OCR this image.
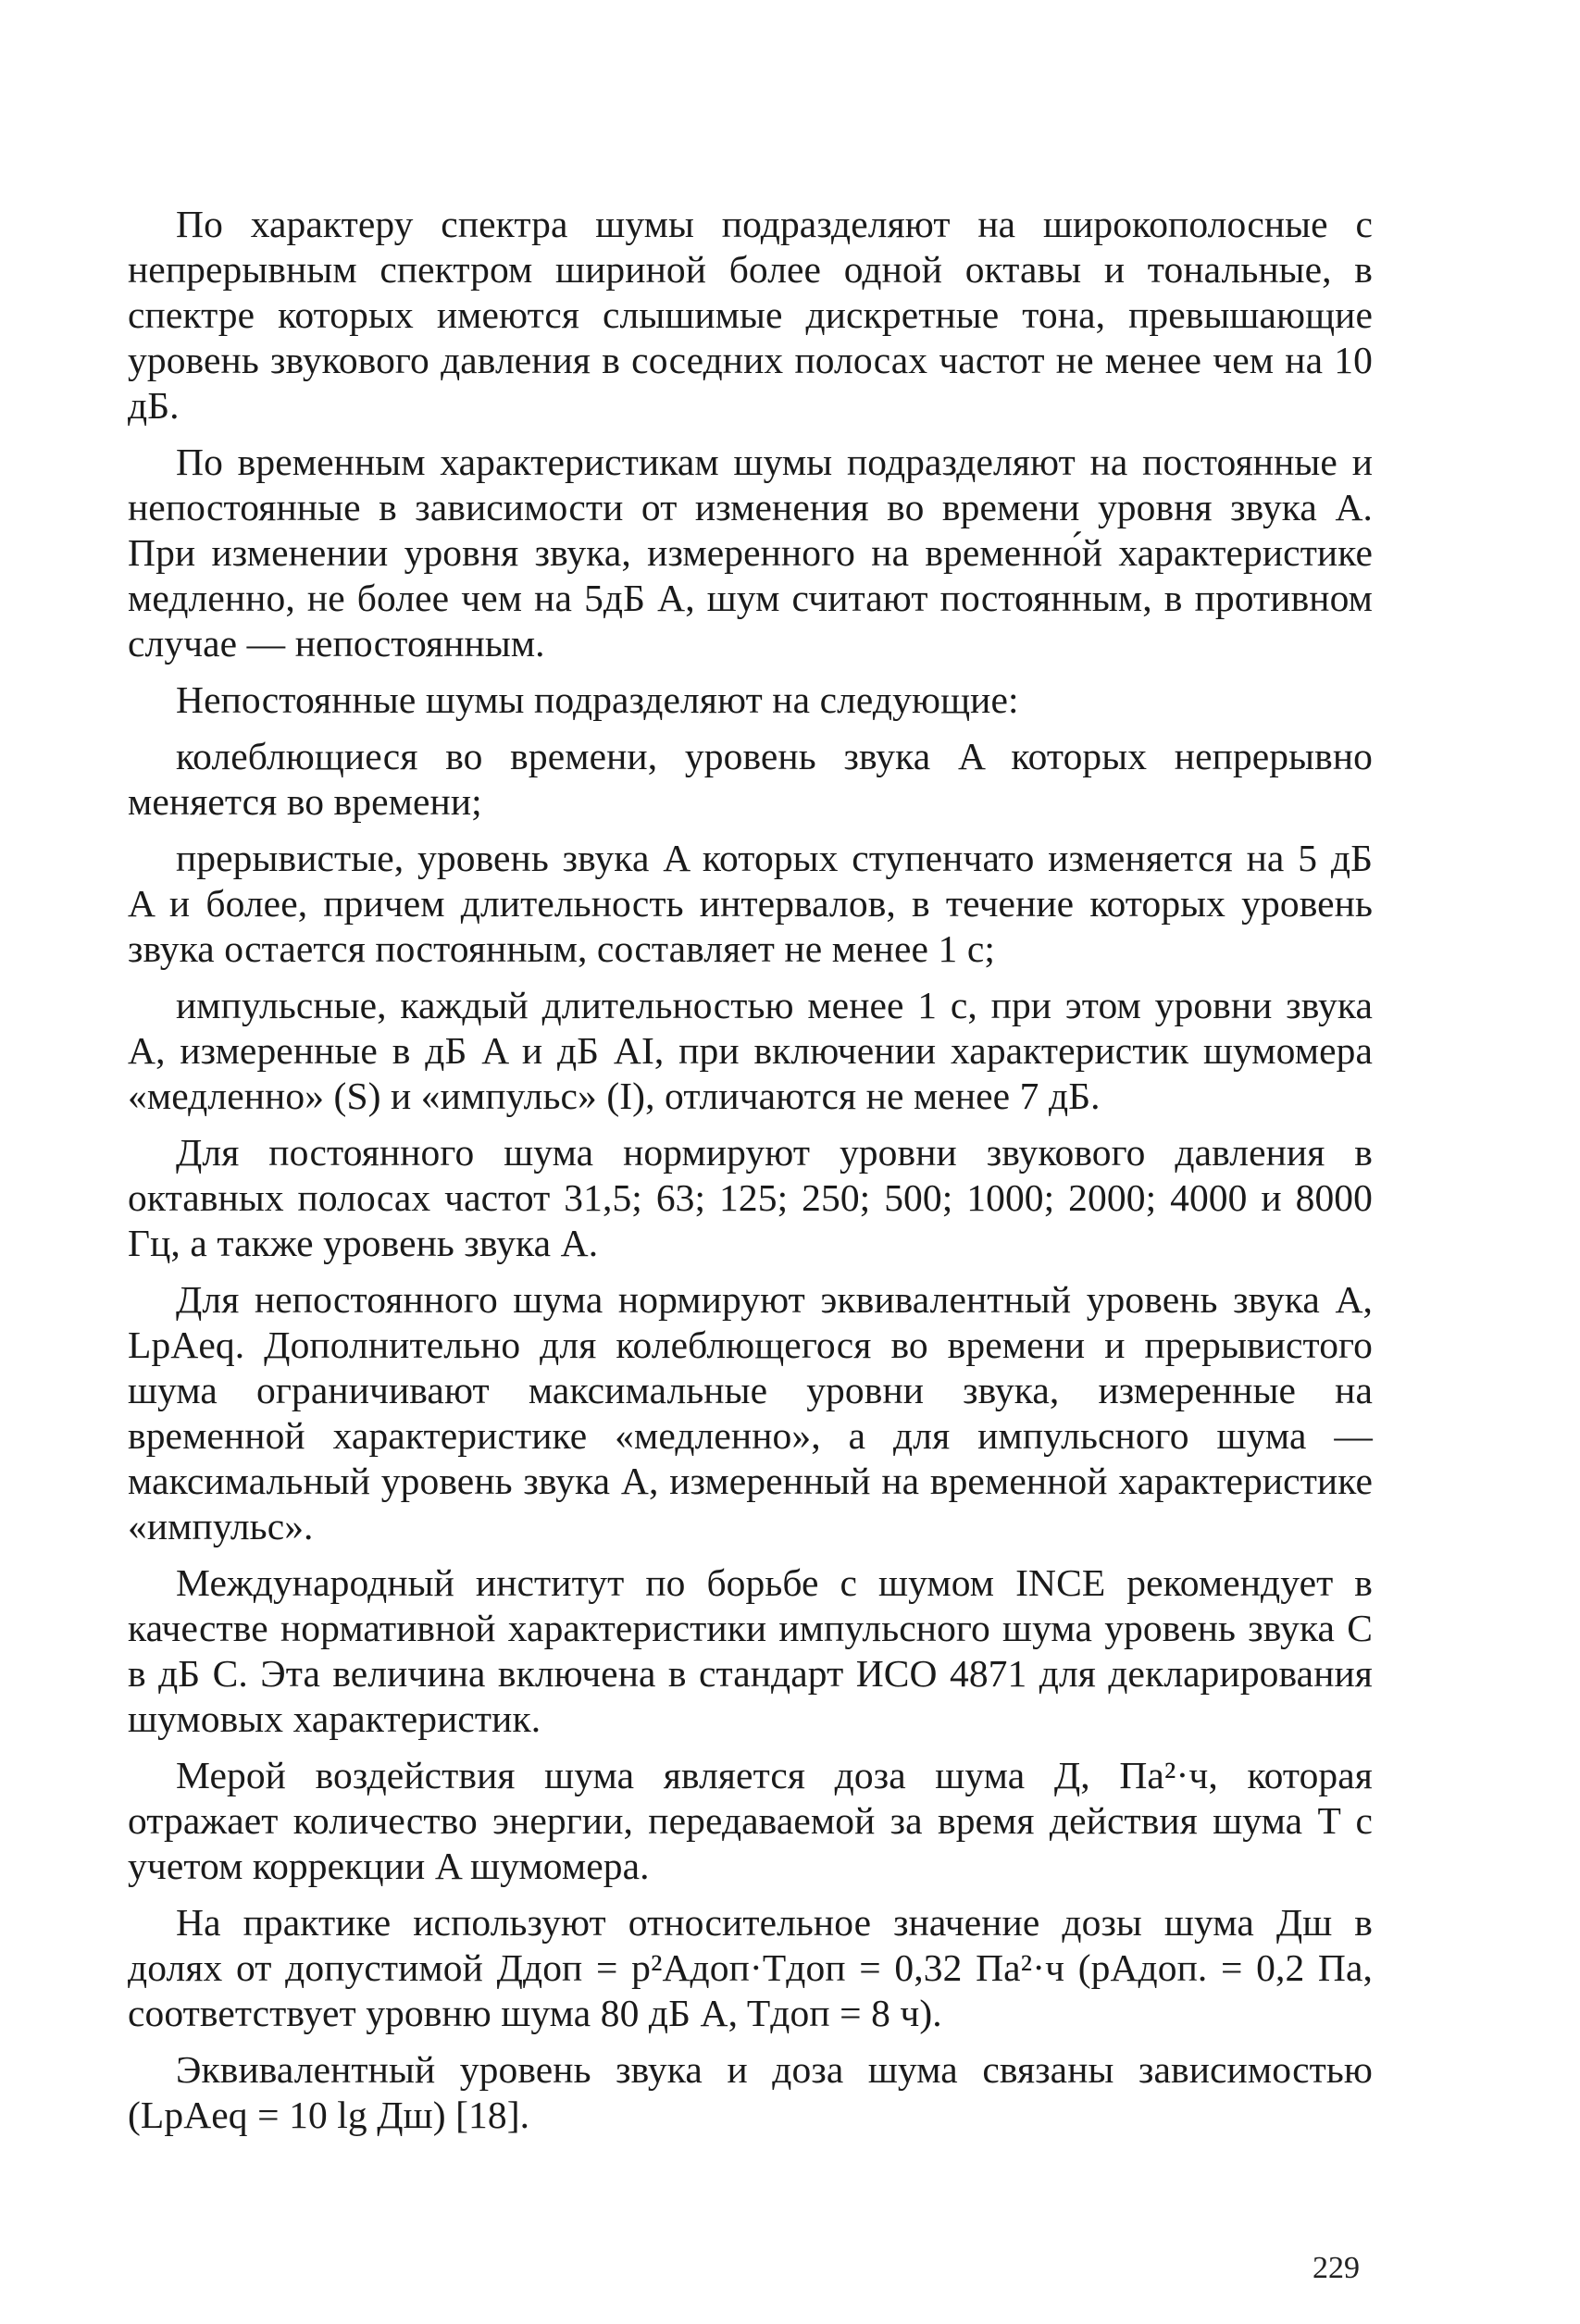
По характеру спектра шумы подразделяют на широкополосные с непрерывным спектром шириной более одной октавы и тональные, в спектре которых имеются слышимые дискретные тона, превышающие уровень звукового давления в соседних полосах частот не менее чем на 10 дБ.

По временным характеристикам шумы подразделяют на постоянные и непостоянные в зависимости от изменения во времени уровня звука A. При изменении уровня звука, измеренного на временно́й характеристике медленно, не более чем на 5дБ A, шум считают постоянным, в противном случае — непостоянным.

Непостоянные шумы подразделяют на следующие:

колеблющиеся во времени, уровень звука A которых непрерывно меняется во времени;

прерывистые, уровень звука A которых ступенчато изменяется на 5 дБ A и более, причем длительность интервалов, в течение которых уровень звука остается постоянным, составляет не менее 1 с;

импульсные, каждый длительностью менее 1 с, при этом уровни звука A, измеренные в дБ A и дБ AI, при включении характеристик шумомера «медленно» (S) и «импульс» (I), отличаются не менее 7 дБ.

Для постоянного шума нормируют уровни звукового давления в октавных полосах частот 31,5; 63; 125; 250; 500; 1000; 2000; 4000 и 8000 Гц, а также уровень звука A.

Для непостоянного шума нормируют эквивалентный уровень звука A, LpAeq. Дополнительно для колеблющегося во времени и прерывистого шума ограничивают максимальные уровни звука, измеренные на временной характеристике «медленно», а для импульсного шума — максимальный уровень звука A, измеренный на временной характеристике «импульс».

Международный институт по борьбе с шумом INCE рекомендует в качестве нормативной характеристики импульсного шума уровень звука C в дБ C. Эта величина включена в стандарт ИСО 4871 для декларирования шумовых характеристик.

Мерой воздействия шума является доза шума Д, Па²·ч, которая отражает количество энергии, передаваемой за время действия шума T с учетом коррекции A шумомера.

На практике используют относительное значение дозы шума Дш в долях от допустимой Ддоп = p²Адоп·Tдоп = 0,32 Па²·ч (pAдоп. = 0,2 Па, соответствует уровню шума 80 дБ A, Tдоп = 8 ч).

Эквивалентный уровень звука и доза шума связаны зависимостью (LpAeq = 10 lg Дш) [18].

229
